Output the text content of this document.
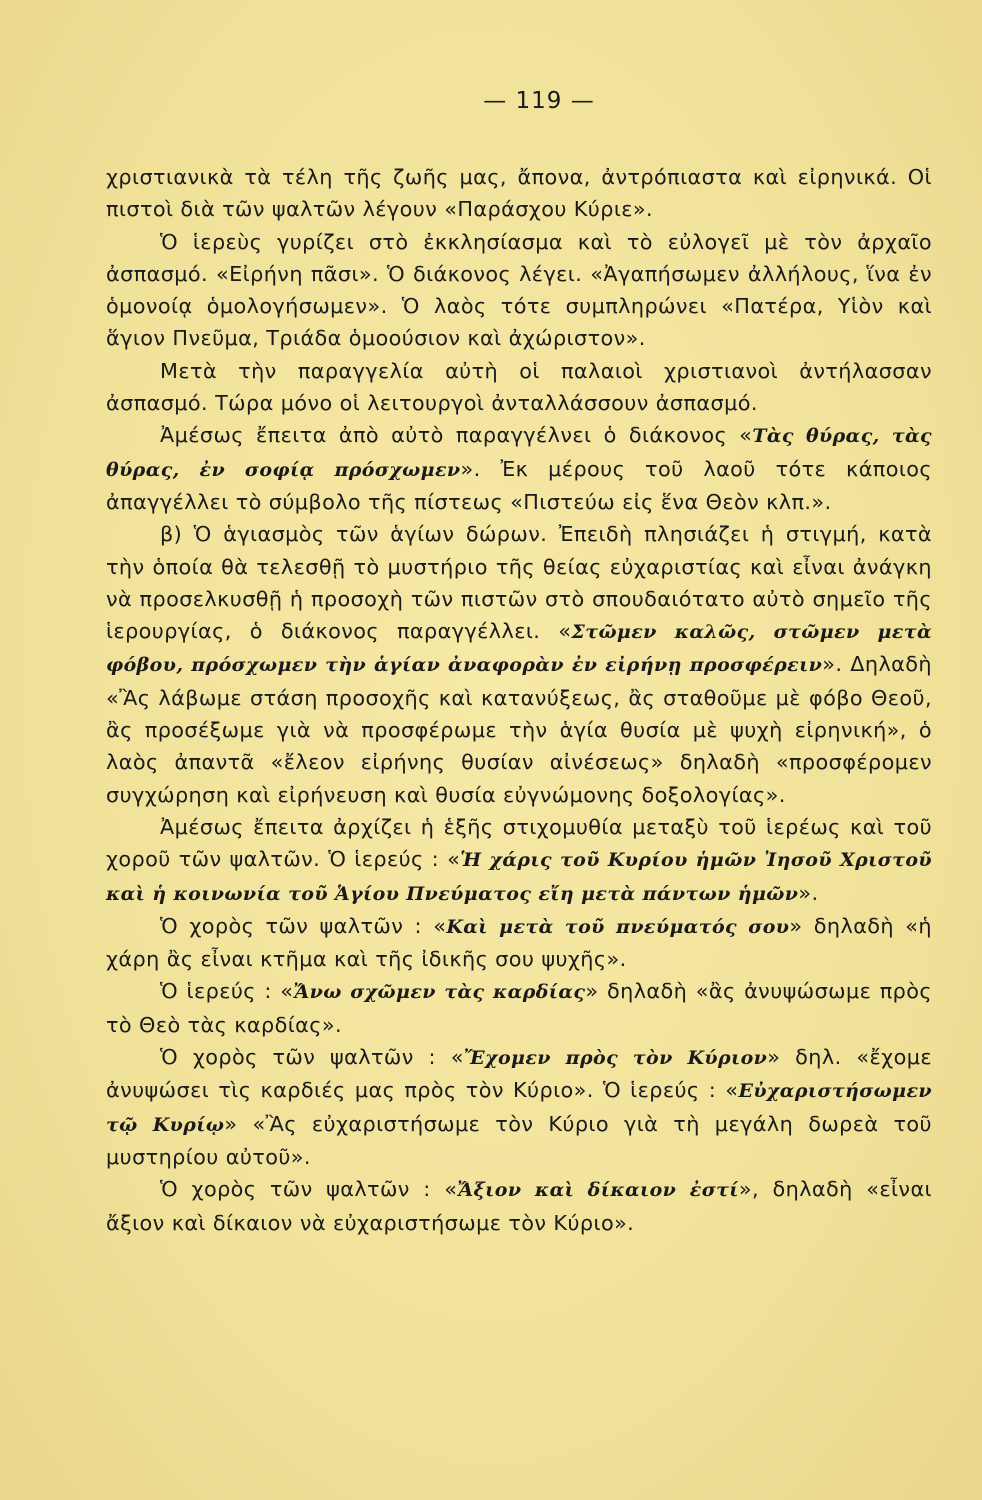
— 119 —

χριστιανικὰ τὰ τέλη τῆς ζωῆς μας, ἄπονα, ἀντρόπιαστα καὶ εἰρηνικά. Οἱ πιστοὶ διὰ τῶν ψαλτῶν λέγουν «Παράσχου Κύριε».

Ὁ ἱερεὺς γυρίζει στὸ ἐκκλησίασμα καὶ τὸ εὐλογεῖ μὲ τὸν ἀρχαῖο ἀσπασμό. «Εἰρήνη πᾶσι». Ὁ διάκονος λέγει. «Ἀγαπήσωμεν ἀλλήλους, ἵνα ἐν ὁμονοίᾳ ὁμολογήσωμεν». Ὁ λαὸς τότε συμπληρώνει «Πατέρα, Υἱὸν καὶ ἅγιον Πνεῦμα, Τριάδα ὁμοούσιον καὶ ἀχώριστον».

Μετὰ τὴν παραγγελία αὐτὴ οἱ παλαιοὶ χριστιανοὶ ἀντήλασσαν ἀσπασμό. Τώρα μόνο οἱ λειτουργοὶ ἀνταλλάσσουν ἀσπασμό.

Ἀμέσως ἔπειτα ἀπὸ αὐτὸ παραγγέλνει ὁ διάκονος «Τὰς θύρας, τὰς θύρας, ἐν σοφίᾳ πρόσχωμεν». Ἐκ μέρους τοῦ λαοῦ τότε κάποιος ἀπαγγέλλει τὸ σύμβολο τῆς πίστεως «Πιστεύω εἰς ἕνα Θεὸν κλπ.».

β) Ὁ ἁγιασμὸς τῶν ἁγίων δώρων. Ἐπειδὴ πλησιάζει ἡ στιγμή, κατὰ τὴν ὁποία θὰ τελεσθῇ τὸ μυστήριο τῆς θείας εὐχαριστίας καὶ εἶναι ἀνάγκη νὰ προσελκυσθῇ ἡ προσοχὴ τῶν πιστῶν στὸ σπουδαιότατο αὐτὸ σημεῖο τῆς ἱερουργίας, ὁ διάκονος παραγγέλλει. «Στῶμεν καλῶς, στῶμεν μετὰ φόβου, πρόσχωμεν τὴν ἁγίαν ἀναφορὰν ἐν εἰρήνῃ προσφέρειν». Δηλαδὴ «Ἂς λάβωμε στάση προσοχῆς καὶ κατανύξεως, ἂς σταθοῦμε μὲ φόβο Θεοῦ, ἂς προσέξωμε γιὰ νὰ προσφέρωμε τὴν ἁγία θυσία μὲ ψυχὴ εἰρηνική», ὁ λαὸς ἀπαντᾶ «ἔλεον εἰρήνης θυσίαν αἰνέσεως» δηλαδὴ «προσφέρομεν συγχώρηση καὶ εἰρήνευση καὶ θυσία εὐγνώμονης δοξολογίας».

Ἀμέσως ἔπειτα ἀρχίζει ἡ ἑξῆς στιχομυθία μεταξὺ τοῦ ἱερέως καὶ τοῦ χοροῦ τῶν ψαλτῶν. Ὁ ἱερεύς : «Ἡ χάρις τοῦ Κυρίου ἡμῶν Ἰησοῦ Χριστοῦ καὶ ἡ κοινωνία τοῦ Ἁγίου Πνεύματος εἴη μετὰ πάντων ἡμῶν».

Ὁ χορὸς τῶν ψαλτῶν : «Καὶ μετὰ τοῦ πνεύματός σου» δηλαδὴ «ἡ χάρη ἂς εἶναι κτῆμα καὶ τῆς ἰδικῆς σου ψυχῆς».

Ὁ ἱερεύς : «Ἄνω σχῶμεν τὰς καρδίας» δηλαδὴ «ἂς ἀνυψώσωμε πρὸς τὸ Θεὸ τὰς καρδίας».

Ὁ χορὸς τῶν ψαλτῶν : «Ἔχομεν πρὸς τὸν Κύριον» δηλ. «ἔχομε ἀνυψώσει τὶς καρδιές μας πρὸς τὸν Κύριο». Ὁ ἱερεύς : «Εὐχαριστήσωμεν τῷ Κυρίῳ» «Ἂς εὐχαριστήσωμε τὸν Κύριο γιὰ τὴ μεγάλη δωρεὰ τοῦ μυστηρίου αὐτοῦ».

Ὁ χορὸς τῶν ψαλτῶν : «Ἄξιον καὶ δίκαιον ἐστί», δηλαδὴ «εἶναι ἄξιον καὶ δίκαιον νὰ εὐχαριστήσωμε τὸν Κύριο».
